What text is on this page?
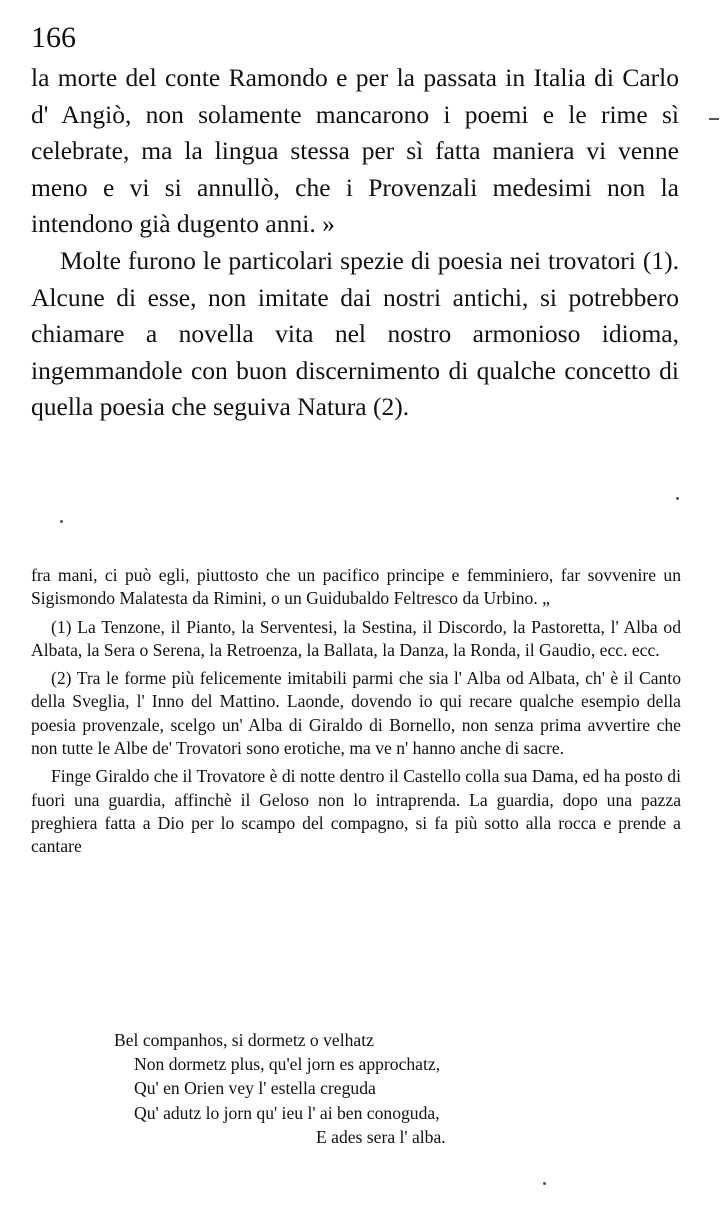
166

la morte del conte Ramondo e per la passata in Italia di Carlo d' Angiò, non solamente mancarono i poemi e le rime sì celebrate, ma la lingua stessa per sì fatta maniera vi venne meno e vi si annullò, che i Provenzali medesimi non la intendono già dugento anni. »

Molte furono le particolari spezie di poesia nei trovatori (1). Alcune di esse, non imitate dai nostri antichi, si potrebbero chiamare a novella vita nel nostro armonioso idioma, ingemmandole con buon discernimento di qualche concetto di quella poesia che seguiva Natura (2).

fra mani, ci può egli, piuttosto che un pacifico principe e femminiero, far sovvenire un Sigismondo Malatesta da Rimini, o un Guidubaldo Feltresco da Urbino. „

(1) La Tenzone, il Pianto, la Serventesi, la Sestina, il Discordo, la Pastoretta, l' Alba od Albata, la Sera o Serena, la Retroenza, la Ballata, la Danza, la Ronda, il Gaudio, ecc. ecc.

(2) Tra le forme più felicemente imitabili parmi che sia l' Alba od Albata, ch' è il Canto della Sveglia, l' Inno del Mattino. Laonde, dovendo io qui recare qualche esempio della poesia provenzale, scelgo un' Alba di Giraldo di Bornello, non senza prima avvertire che non tutte le Albe de' Trovatori sono erotiche, ma ve n' hanno anche di sacre.

Finge Giraldo che il Trovatore è di notte dentro il Castello colla sua Dama, ed ha posto di fuori una guardia, affinchè il Geloso non lo intraprenda. La guardia, dopo una pazza preghiera fatta a Dio per lo scampo del compagno, si fa più sotto alla rocca e prende a cantare

Bel companhos, si dormetz o velhatz
Non dormetz plus, qu'el jorn es approchatz,
Qu' en Orien vey l' estella creguda
Qu' adutz lo jorn qu' ieu l' ai ben conoguda,
E ades sera l' alba.
